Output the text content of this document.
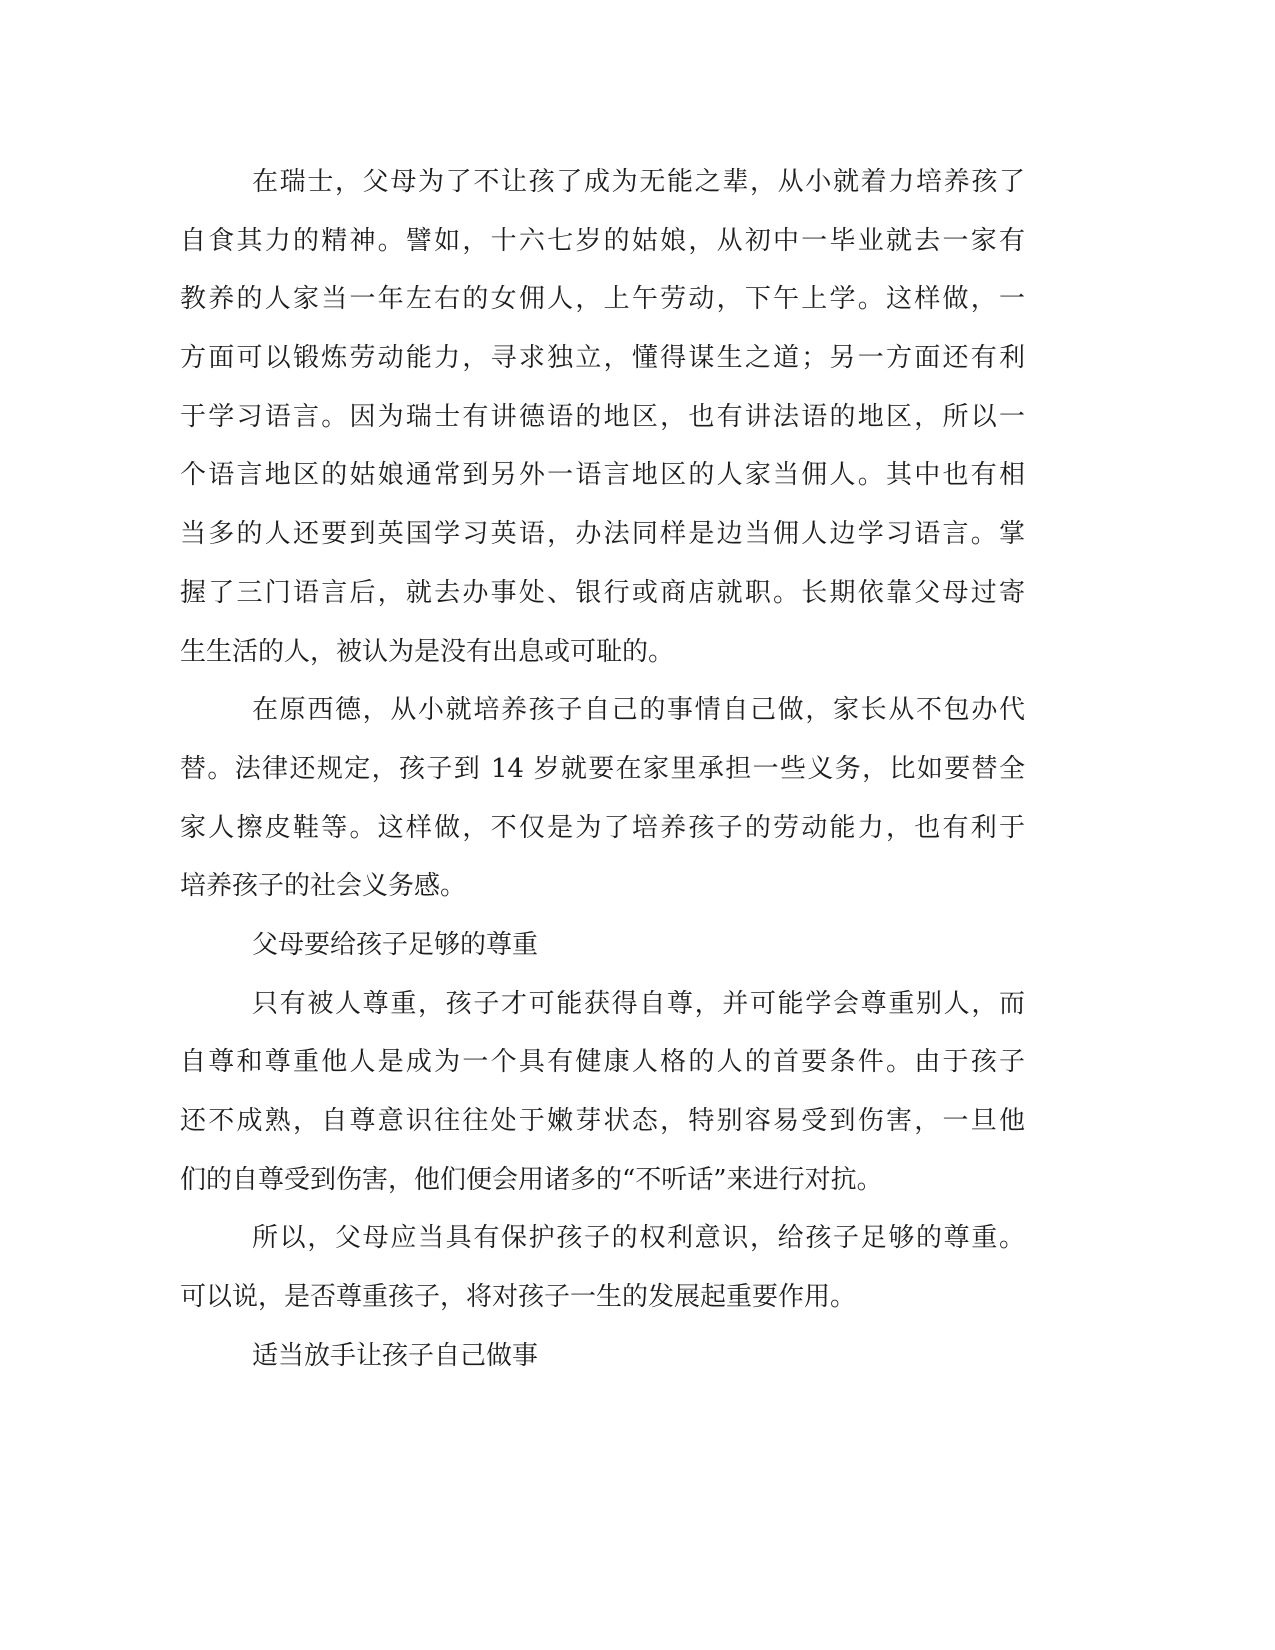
在瑞士，父母为了不让孩了成为无能之辈，从小就着力培养孩了
自食其力的精神。譬如，十六七岁的姑娘，从初中一毕业就去一家有
教养的人家当一年左右的女佣人，上午劳动，下午上学。这样做，一
方面可以锻炼劳动能力，寻求独立，懂得谋生之道；另一方面还有利
于学习语言。因为瑞士有讲德语的地区，也有讲法语的地区，所以一
个语言地区的姑娘通常到另外一语言地区的人家当佣人。其中也有相
当多的人还要到英国学习英语，办法同样是边当佣人边学习语言。掌
握了三门语言后，就去办事处、银行或商店就职。长期依靠父母过寄
生生活的人，被认为是没有出息或可耻的。
在原西德，从小就培养孩子自己的事情自己做，家长从不包办代
替。法律还规定，孩子到 14 岁就要在家里承担一些义务，比如要替全
家人擦皮鞋等。这样做，不仅是为了培养孩子的劳动能力，也有利于
培养孩子的社会义务感。
父母要给孩子足够的尊重
只有被人尊重，孩子才可能获得自尊，并可能学会尊重别人，而
自尊和尊重他人是成为一个具有健康人格的人的首要条件。由于孩子
还不成熟，自尊意识往往处于嫩芽状态，特别容易受到伤害，一旦他
们的自尊受到伤害，他们便会用诸多的“不听话”来进行对抗。
所以，父母应当具有保护孩子的权利意识，给孩子足够的尊重。
可以说，是否尊重孩子，将对孩子一生的发展起重要作用。
适当放手让孩子自己做事
